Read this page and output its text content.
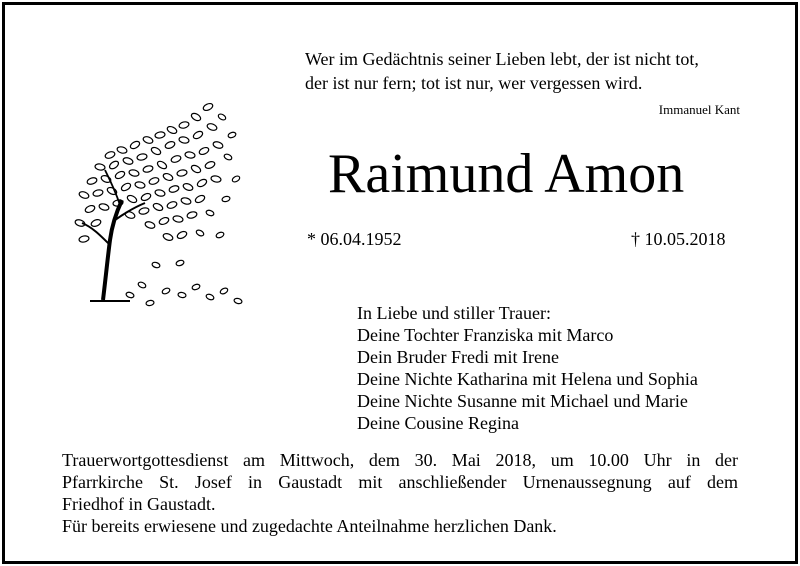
Wer im Gedächtnis seiner Lieben lebt, der ist nicht tot,
der ist nur fern; tot ist nur, wer vergessen wird.
Immanuel Kant
Raimund Amon
* 06.04.1952	† 10.05.2018
In Liebe und stiller Trauer:
Deine Tochter Franziska mit Marco
Dein Bruder Fredi mit Irene
Deine Nichte Katharina mit Helena und Sophia
Deine Nichte Susanne mit Michael und Marie
Deine Cousine Regina
Trauerwortgottesdienst am Mittwoch, dem 30. Mai 2018, um 10.00 Uhr in der
Pfarrkirche St. Josef in Gaustadt mit anschließender Urnenaussegnung auf dem
Friedhof in Gaustadt.
Für bereits erwiesene und zugedachte Anteilnahme herzlichen Dank.
